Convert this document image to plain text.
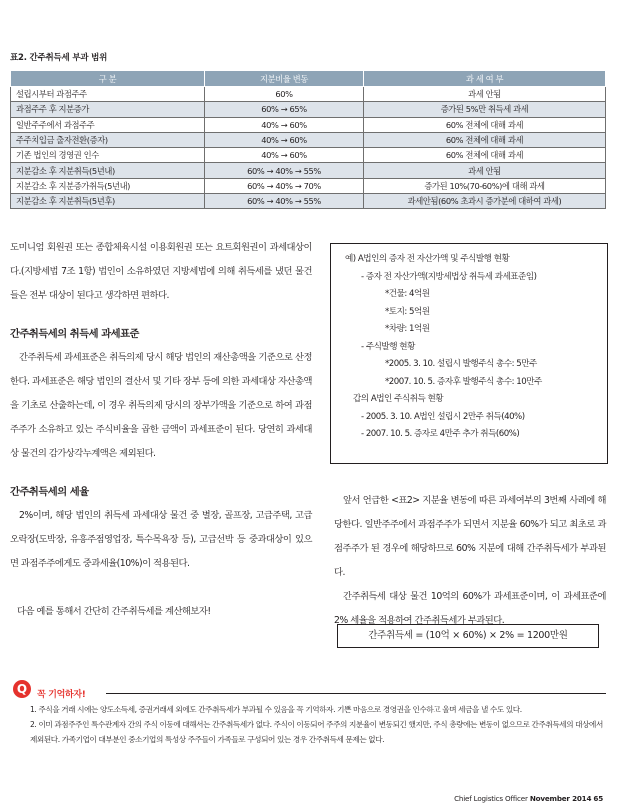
표2. 간주취득세 부과 범위
구 분	지분비율 변동	과 세 여 부
설립시부터 과점주주	60%	과세 안됨
과점주주 후 지분증가	60% → 65%	증가된 5%만 취득세 과세
일반주주에서 과점주주	40% → 60%	60% 전체에 대해 과세
주주치입금 출자전환(증자)	40% → 60%	60% 전체에 대해 과세
기존 법인의 경영권 인수	40% → 60%	60% 전체에 대해 과세
지분감소 후 지분취득(5년내)	60% → 40% → 55%	과세 안됨
지분감소 후 지분증가취득(5년내)	60% → 40% → 70%	증가된 10%(70-60%)에 대해 과세
지분감소 후 지분취득(5년후)	60% → 40% → 55%	과세안됨(60% 초과시 증가분에 대하여 과세)

도미니엄 회원권 또는 종합체육시설 이용회원권 또는 요트회원권이 과세대상이다.(지방세법 7조 1항) 법인이 소유하였던 지방세법에 의해 취득세를 냈던 물건들은 전부 대상이 된다고 생각하면 편하다.

간주취득세의 취득세 과세표준

간주취득세 과세표준은 취득의제 당시 해당 법인의 재산총액을 기준으로 산정한다. 과세표준은 해당 법인의 결산서 및 기타 장부 등에 의한 과세대상 자산총액을 기초로 산출하는데, 이 경우 취득의제 당시의 장부가액을 기준으로 하여 과점주주가 소유하고 있는 주식비율을 곱한 금액이 과세표준이 된다. 당연히 과세대상 물건의 감가상각누계액은 제외된다.

간주취득세의 세율

2%이며, 해당 법인의 취득세 과세대상 물건 중 별장, 골프장, 고급주택, 고급오락장(도박장, 유흥주점영업장, 특수목욕장 등), 고급선박 등 중과대상이 있으면 과점주주에게도 중과세율(10%)이 적용된다.

다음 예를 통해서 간단히 간주취득세를 계산해보자!

예) A법인의 증자 전 자산가액 및 주식발행 현황
- 증자 전 자산가액(지방세법상 취득세 과세표준임)
*건물: 4억원
*토지: 5억원
*차량: 1억원
- 주식발행 현황
*2005. 3. 10. 설립시 발행주식 총수: 5만주
*2007. 10. 5. 증자후 발행주식 총수: 10만주
갑의 A법인 주식취득 현황
- 2005. 3. 10. A법인 설립시 2만주 취득(40%)
- 2007. 10. 5. 증자로 4만주 추가 취득(60%)

앞서 언급한 <표2> 지분율 변동에 따른 과세여부의 3번째 사례에 해당한다. 일반주주에서 과점주주가 되면서 지분율 60%가 되고 최초로 과점주주가 된 경우에 해당하므로 60% 지분에 대해 간주취득세가 부과된다.

간주취득세 대상 물건 10억의 60%가 과세표준이며, 이 과세표준에 2% 세율을 적용하여 간주취득세가 부과된다.

간주취득세 = (10억 × 60%) × 2% = 1200만원
Q	꼭 기억하자!
1. 주식을 거래 시에는 양도소득세, 증권거래세 외에도 간주취득세가 부과될 수 있음을 꼭 기억하자. 기쁜 마음으로 경영권을 인수하고 울며 세금을 낼 수도 있다.
2. 이미 과점주주인 특수관계자 간의 주식 이동에 대해서는 간주취득세가 없다. 주식이 이동되어 주주의 지분율이 변동되긴 했지만, 주식 총량에는 변동이 없으므로 간주취득세의 대상에서 제외된다. 가족기업이 대부분인 중소기업의 특성상 주주들이 가족들로 구성되어 있는 경우 간주취득세 문제는 없다.
Chief Logistics Officer November 2014 65
